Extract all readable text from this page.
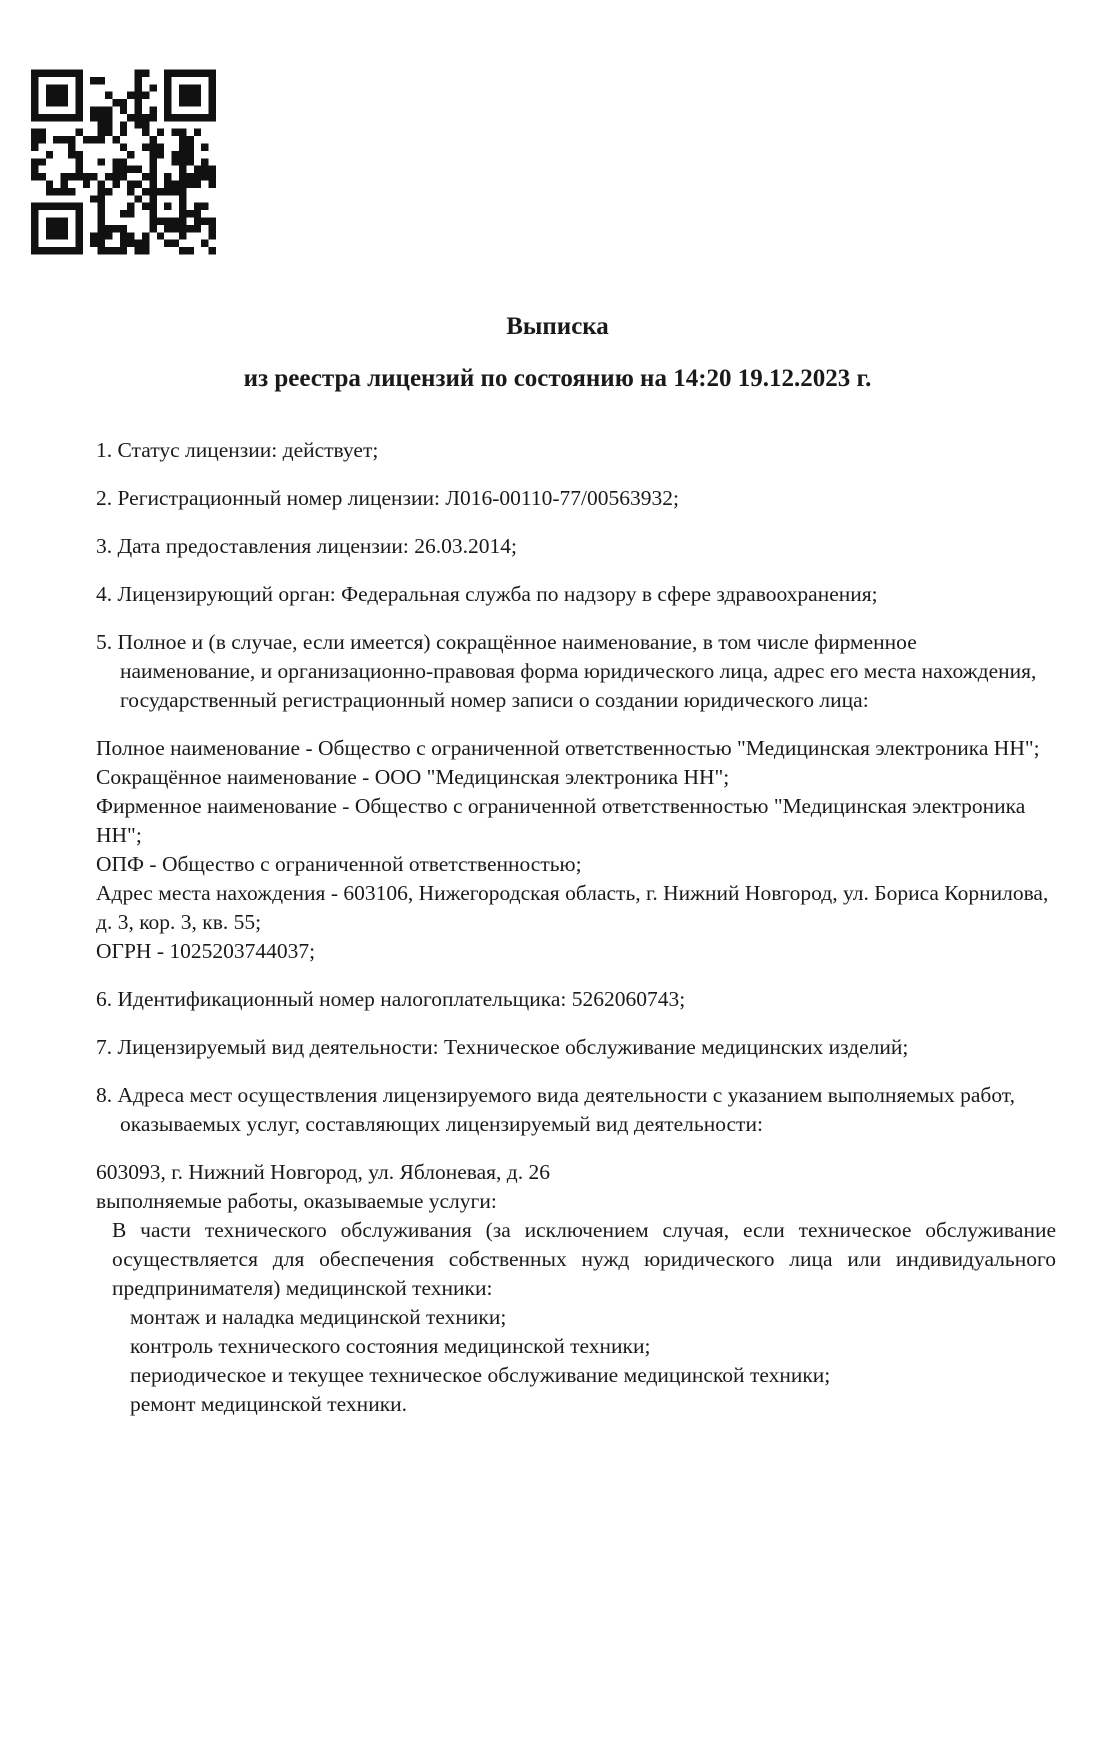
Выписка
из реестра лицензий по состоянию на 14:20 19.12.2023 г.
1. Статус лицензии: действует;
2. Регистрационный номер лицензии: Л016-00110-77/00563932;
3. Дата предоставления лицензии: 26.03.2014;
4. Лицензирующий орган: Федеральная служба по надзору в сфере здравоохранения;
5. Полное и (в случае, если имеется) сокращённое наименование, в том числе фирменное наименование, и организационно-правовая форма юридического лица, адрес его места нахождения, государственный регистрационный номер записи о создании юридического лица:
Полное наименование - Общество с ограниченной ответственностью "Медицинская электроника НН";
Сокращённое наименование - ООО "Медицинская электроника НН";
Фирменное наименование - Общество с ограниченной ответственностью "Медицинская электроника НН";
ОПФ - Общество с ограниченной ответственностью;
Адрес места нахождения - 603106, Нижегородская область, г. Нижний Новгород, ул. Бориса Корнилова, д. 3, кор. 3, кв. 55;
ОГРН - 1025203744037;
6. Идентификационный номер налогоплательщика: 5262060743;
7. Лицензируемый вид деятельности: Техническое обслуживание медицинских изделий;
8. Адреса мест осуществления лицензируемого вида деятельности с указанием выполняемых работ, оказываемых услуг, составляющих лицензируемый вид деятельности:
603093, г. Нижний Новгород, ул. Яблоневая, д. 26
выполняемые работы, оказываемые услуги:
В части технического обслуживания (за исключением случая, если техническое обслуживание осуществляется для обеспечения собственных нужд юридического лица или индивидуального предпринимателя) медицинской техники:
монтаж и наладка медицинской техники;
контроль технического состояния медицинской техники;
периодическое и текущее техническое обслуживание медицинской техники;
ремонт медицинской техники.
